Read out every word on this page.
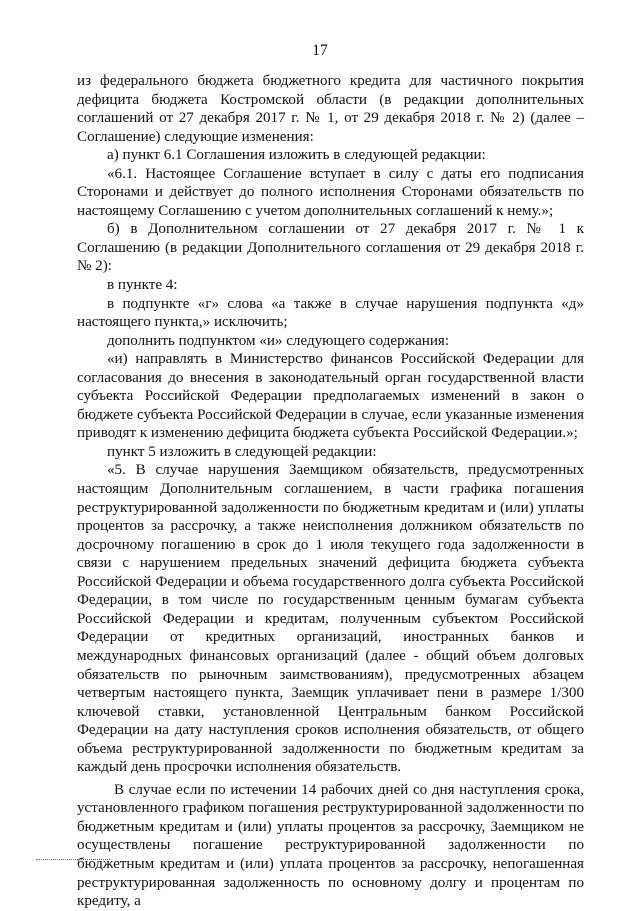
17

из федерального бюджета бюджетного кредита для частичного покрытия дефицита бюджета Костромской области (в редакции дополнительных соглашений от 27 декабря 2017 г. № 1, от 29 декабря 2018 г. № 2) (далее – Соглашение) следующие изменения:

а) пункт 6.1 Соглашения изложить в следующей редакции:

«6.1. Настоящее Соглашение вступает в силу с даты его подписания Сторонами и действует до полного исполнения Сторонами обязательств по настоящему Соглашению с учетом дополнительных соглашений к нему.»;

б) в Дополнительном соглашении от 27 декабря 2017 г. № 1 к Соглашению (в редакции Дополнительного соглашения от 29 декабря 2018 г. № 2):

в пункте 4:

в подпункте «г» слова «а также в случае нарушения подпункта «д» настоящего пункта,» исключить;

дополнить подпунктом «и» следующего содержания:

«и) направлять в Министерство финансов Российской Федерации для согласования до внесения в законодательный орган государственной власти субъекта Российской Федерации предполагаемых изменений в закон о бюджете субъекта Российской Федерации в случае, если указанные изменения приводят к изменению дефицита бюджета субъекта Российской Федерации.»;

пункт 5 изложить в следующей редакции:

«5. В случае нарушения Заемщиком обязательств, предусмотренных настоящим Дополнительным соглашением, в части графика погашения реструктурированной задолженности по бюджетным кредитам и (или) уплаты процентов за рассрочку, а также неисполнения должником обязательств по досрочному погашению в срок до 1 июля текущего года задолженности в связи с нарушением предельных значений дефицита бюджета субъекта Российской Федерации и объема государственного долга субъекта Российской Федерации, в том числе по государственным ценным бумагам субъекта Российской Федерации и кредитам, полученным субъектом Российской Федерации от кредитных организаций, иностранных банков и международных финансовых организаций (далее - общий объем долговых обязательств по рыночным заимствованиям), предусмотренных абзацем четвертым настоящего пункта, Заемщик уплачивает пени в размере 1/300 ключевой ставки, установленной Центральным банком Российской Федерации на дату наступления сроков исполнения обязательств, от общего объема реструктурированной задолженности по бюджетным кредитам за каждый день просрочки исполнения обязательств.

В случае если по истечении 14 рабочих дней со дня наступления срока, установленного графиком погашения реструктурированной задолженности по бюджетным кредитам и (или) уплаты процентов за рассрочку, Заемщиком не осуществлены погашение реструктурированной задолженности по бюджетным кредитам и (или) уплата процентов за рассрочку, непогашенная реструктурированная задолженность по основному долгу и процентам по кредиту, а
